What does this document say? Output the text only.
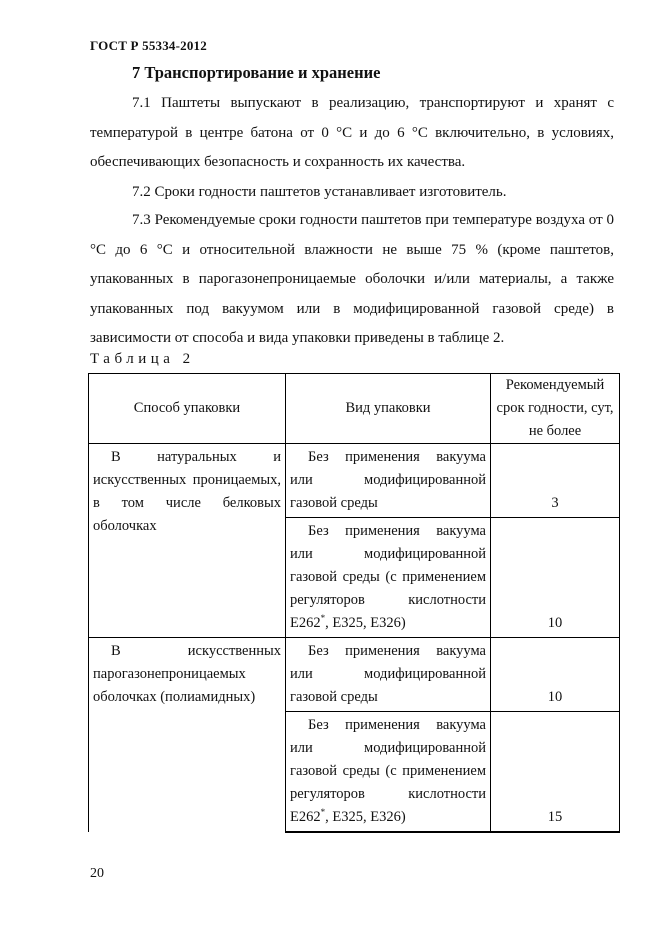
ГОСТ Р 55334-2012
7 Транспортирование и хранение

7.1 Паштеты выпускают в реализацию, транспортируют и хранят с температурой в центре батона от 0 °С и до 6 °С включительно, в условиях, обеспечивающих безопасность и сохранность их качества.

7.2 Сроки годности паштетов устанавливает изготовитель.

7.3 Рекомендуемые сроки годности паштетов при температуре воздуха от 0 °С до 6 °С и относительной влажности не выше 75 % (кроме паштетов, упакованных в парогазонепроницаемые оболочки и/или материалы, а также упакованных под вакуумом или в модифицированной газовой среде) в зависимости от способа и вида упаковки приведены в таблице 2.

Таблица 2
Способ упаковки	Вид упаковки	Рекомендуемый срок годности, сут, не более
В натуральных и искусственных проницаемых, в том числе белковых оболочках	Без применения вакуума или модифицированной газовой среды	3
	Без применения вакуума или модифицированной газовой среды (с применением регуляторов кислотности Е262*, Е325, Е326)	10
В искусственных парогазонепроницаемых оболочках (полиамидных)	Без применения вакуума или модифицированной газовой среды	10
	Без применения вакуума или модифицированной газовой среды (с применением регуляторов кислотности Е262*, Е325, Е326)	15
20
